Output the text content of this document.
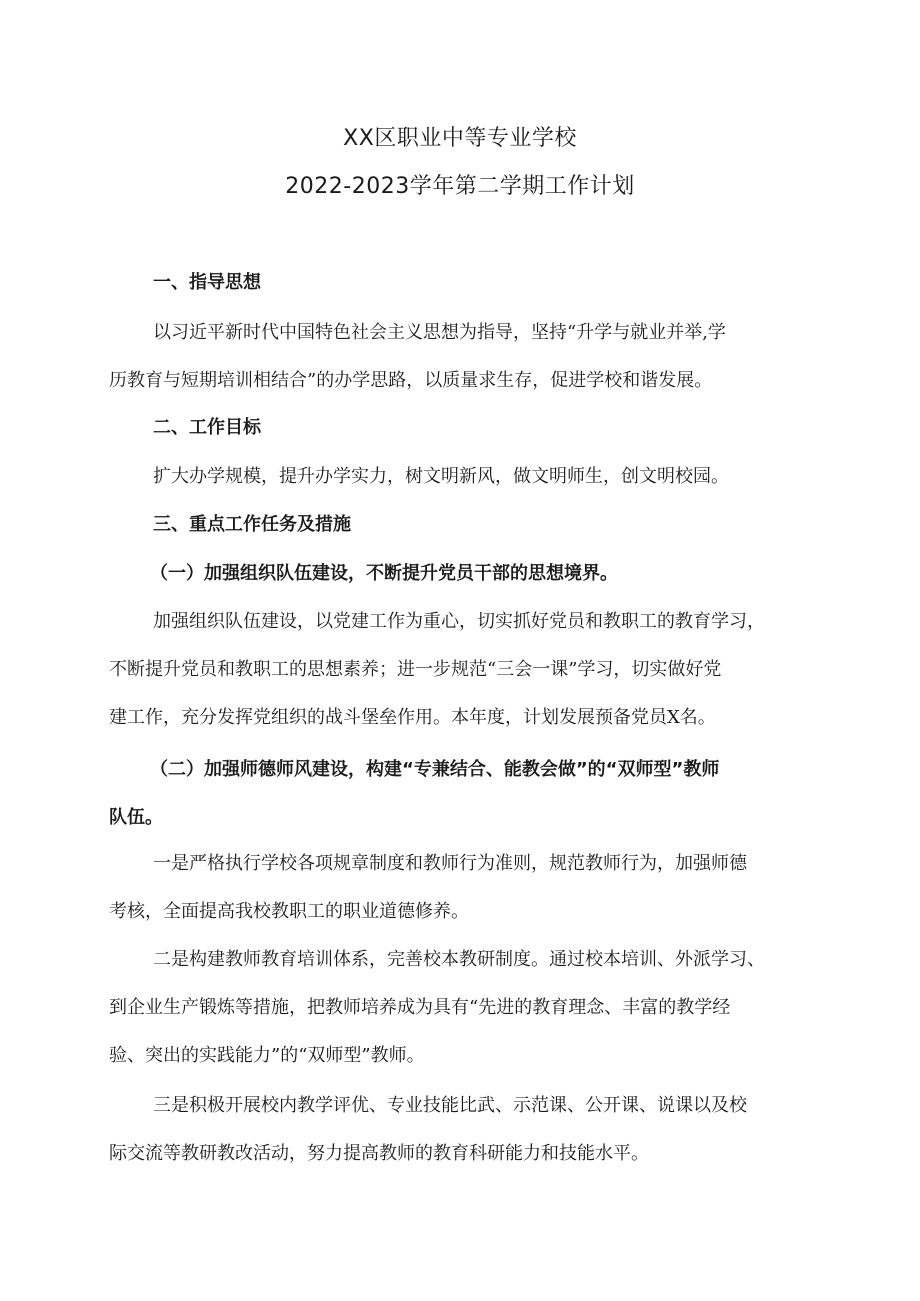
XX区职业中等专业学校
2022-2023学年第二学期工作计划
一、指导思想
以习近平新时代中国特色社会主义思想为指导，坚持“升学与就业并举,学
历教育与短期培训相结合”的办学思路，以质量求生存，促进学校和谐发展。
二、工作目标
扩大办学规模，提升办学实力，树文明新风，做文明师生，创文明校园。
三、重点工作任务及措施
（一）加强组织队伍建设，不断提升党员干部的思想境界。
加强组织队伍建设，以党建工作为重心，切实抓好党员和教职工的教育学习，
不断提升党员和教职工的思想素养；进一步规范“三会一课”学习，切实做好党
建工作，充分发挥党组织的战斗堡垒作用。本年度，计划发展预备党员X名。
（二）加强师德师风建设，构建“专兼结合、能教会做”的“双师型”教师
队伍。
一是严格执行学校各项规章制度和教师行为准则，规范教师行为，加强师德
考核，全面提高我校教职工的职业道德修养。
二是构建教师教育培训体系，完善校本教研制度。通过校本培训、外派学习、
到企业生产锻炼等措施，把教师培养成为具有“先进的教育理念、丰富的教学经
验、突出的实践能力”的“双师型”教师。
三是积极开展校内教学评优、专业技能比武、示范课、公开课、说课以及校
际交流等教研教改活动，努力提高教师的教育科研能力和技能水平。
